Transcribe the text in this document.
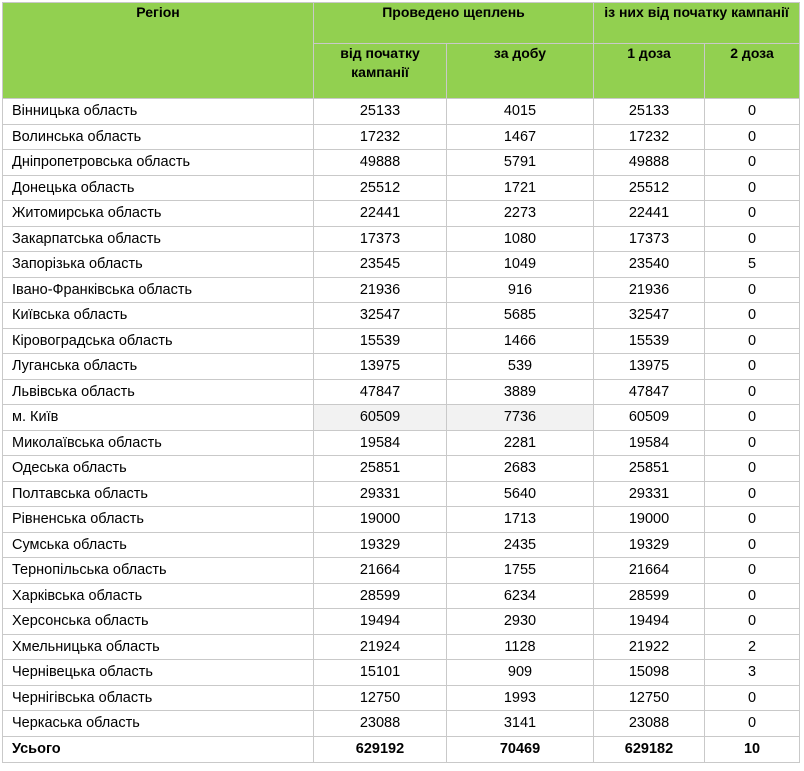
Регіон	Проведено щеплень		із них від початку кампанії	
	від початку кампанії	за добу	1 доза	2 доза
Вінницька область	25133	4015	25133	0
Волинська область	17232	1467	17232	0
Дніпропетровська область	49888	5791	49888	0
Донецька область	25512	1721	25512	0
Житомирська область	22441	2273	22441	0
Закарпатська область	17373	1080	17373	0
Запорізька область	23545	1049	23540	5
Івано-Франківська область	21936	916	21936	0
Київська область	32547	5685	32547	0
Кіровоградська область	15539	1466	15539	0
Луганська область	13975	539	13975	0
Львівська область	47847	3889	47847	0
м. Київ	60509	7736	60509	0
Миколаївська область	19584	2281	19584	0
Одеська область	25851	2683	25851	0
Полтавська область	29331	5640	29331	0
Рівненська область	19000	1713	19000	0
Сумська область	19329	2435	19329	0
Тернопільська область	21664	1755	21664	0
Харківська область	28599	6234	28599	0
Херсонська область	19494	2930	19494	0
Хмельницька область	21924	1128	21922	2
Чернівецька область	15101	909	15098	3
Чернігівська область	12750	1993	12750	0
Черкаська область	23088	3141	23088	0
Усього	629192	70469	629182	10
